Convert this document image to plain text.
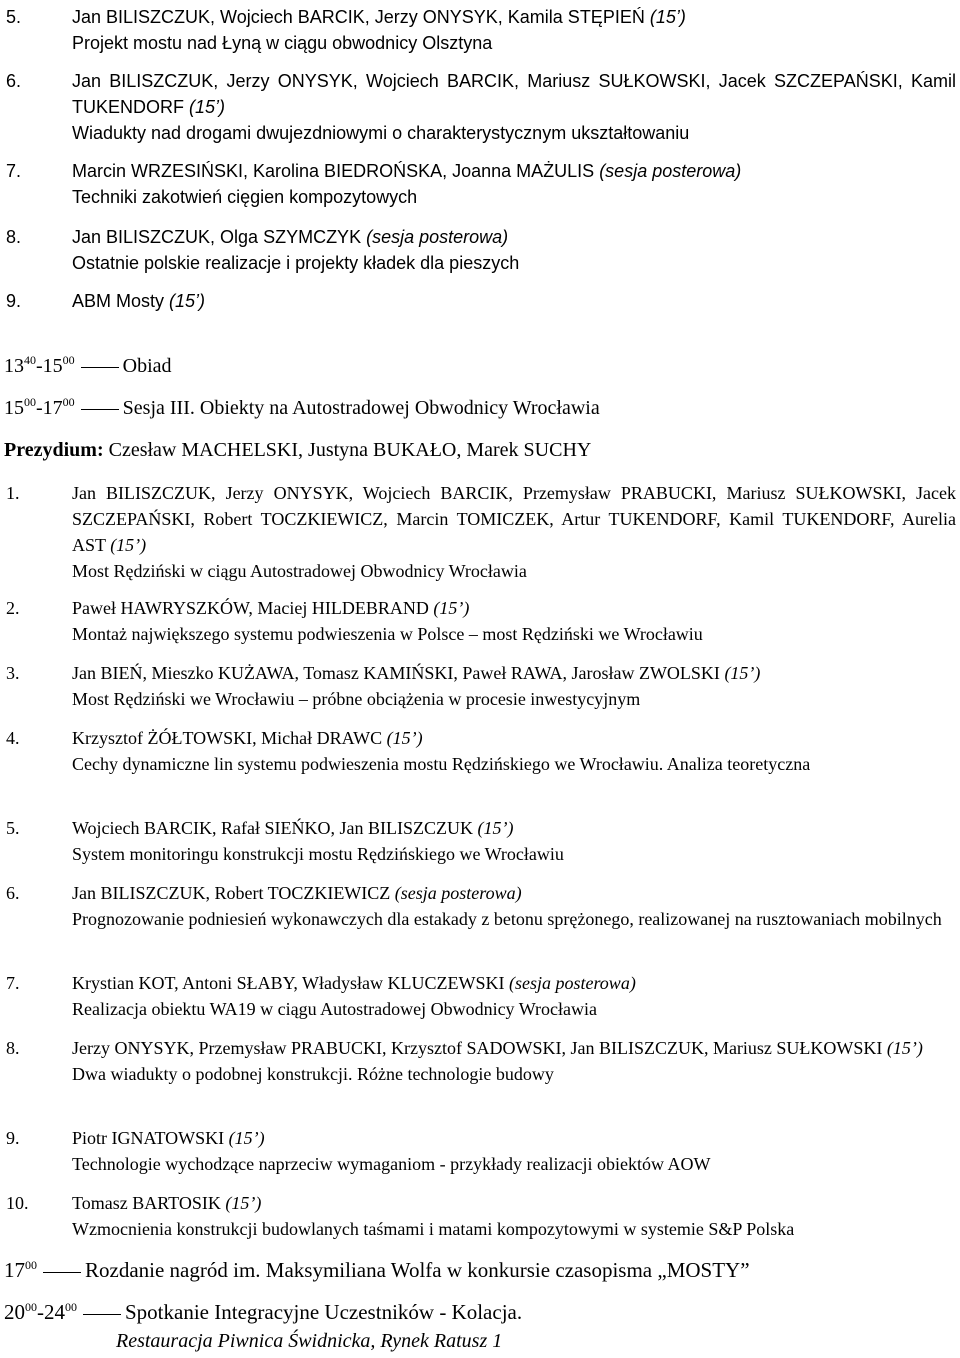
5.	Jan BILISZCZUK, Wojciech BARCIK, Jerzy ONYSYK, Kamila STĘPIEŃ (15’)
Projekt mostu nad Łyną w ciągu obwodnicy Olsztyna
6.	Jan BILISZCZUK, Jerzy ONYSYK, Wojciech BARCIK, Mariusz SUŁKOWSKI, Jacek SZCZEPAŃSKI, Kamil TUKENDORF (15’)
Wiadukty nad drogami dwujezdniowymi o charakterystycznym ukształtowaniu
7.	Marcin WRZESIŃSKI, Karolina BIEDROŃSKA, Joanna MAŻULIS (sesja posterowa)
Techniki zakotwień cięgien kompozytowych
8.	Jan BILISZCZUK, Olga SZYMCZYK (sesja posterowa)
Ostatnie polskie realizacje i projekty kładek dla pieszych
9.	ABM Mosty (15’)
$13^{40}-15^{00}$ Obiad
$15^{00}-17^{00}$ Sesja III. Obiekty na Autostradowej Obwodnicy Wrocławia
Prezydium: Czesław MACHELSKI, Justyna BUKAŁO, Marek SUCHY
1.	Jan BILISZCZUK, Jerzy ONYSYK, Wojciech BARCIK, Przemysław PRABUCKI, Mariusz SUŁKOWSKI, Jacek SZCZEPAŃSKI, Robert TOCZKIEWICZ, Marcin TOMICZEK, Artur TUKENDORF, Kamil TUKENDORF, Aurelia AST (15’)
Most Rędziński w ciągu Autostradowej Obwodnicy Wrocławia
2.	Paweł HAWRYSZKÓW, Maciej HILDEBRAND (15’)
Montaż największego systemu podwieszenia w Polsce – most Rędziński we Wrocławiu
3.	Jan BIEŃ, Mieszko KUŻAWA, Tomasz KAMIŃSKI, Paweł RAWA, Jarosław ZWOLSKI (15’)
Most Rędziński we Wrocławiu – próbne obciążenia w procesie inwestycyjnym
4.	Krzysztof ŻÓŁTOWSKI, Michał DRAWC (15’)
Cechy dynamiczne lin systemu podwieszenia mostu Rędzińskiego we Wrocławiu. Analiza teoretyczna
5.	Wojciech BARCIK, Rafał SIEŃKO, Jan BILISZCZUK (15’)
System monitoringu konstrukcji mostu Rędzińskiego we Wrocławiu
6.	Jan BILISZCZUK, Robert TOCZKIEWICZ (sesja posterowa)
Prognozowanie podniesień wykonawczych dla estakady z betonu sprężonego, realizowanej na rusztowaniach mobilnych
7.	Krystian KOT, Antoni SŁABY, Władysław KLUCZEWSKI (sesja posterowa)
Realizacja obiektu WA19 w ciągu Autostradowej Obwodnicy Wrocławia
8.	Jerzy ONYSYK, Przemysław PRABUCKI, Krzysztof SADOWSKI, Jan BILISZCZUK, Mariusz SUŁKOWSKI (15’)
Dwa wiadukty o podobnej konstrukcji. Różne technologie budowy
9.	Piotr IGNATOWSKI (15’)
Technologie wychodzące naprzeciw wymaganiom - przykłady realizacji obiektów AOW
10. Tomasz BARTOSIK (15’)
Wzmocnienia konstrukcji budowlanych taśmami i matami kompozytowymi w systemie S&P Polska
$17^{00}$ Rozdanie nagród im. Maksymiliana Wolfa w konkursie czasopisma „MOSTY”
$20^{00}-24^{00}$ Spotkanie Integracyjne Uczestników - Kolacja.
Restauracja Piwnica Świdnicka, Rynek Ratusz 1
